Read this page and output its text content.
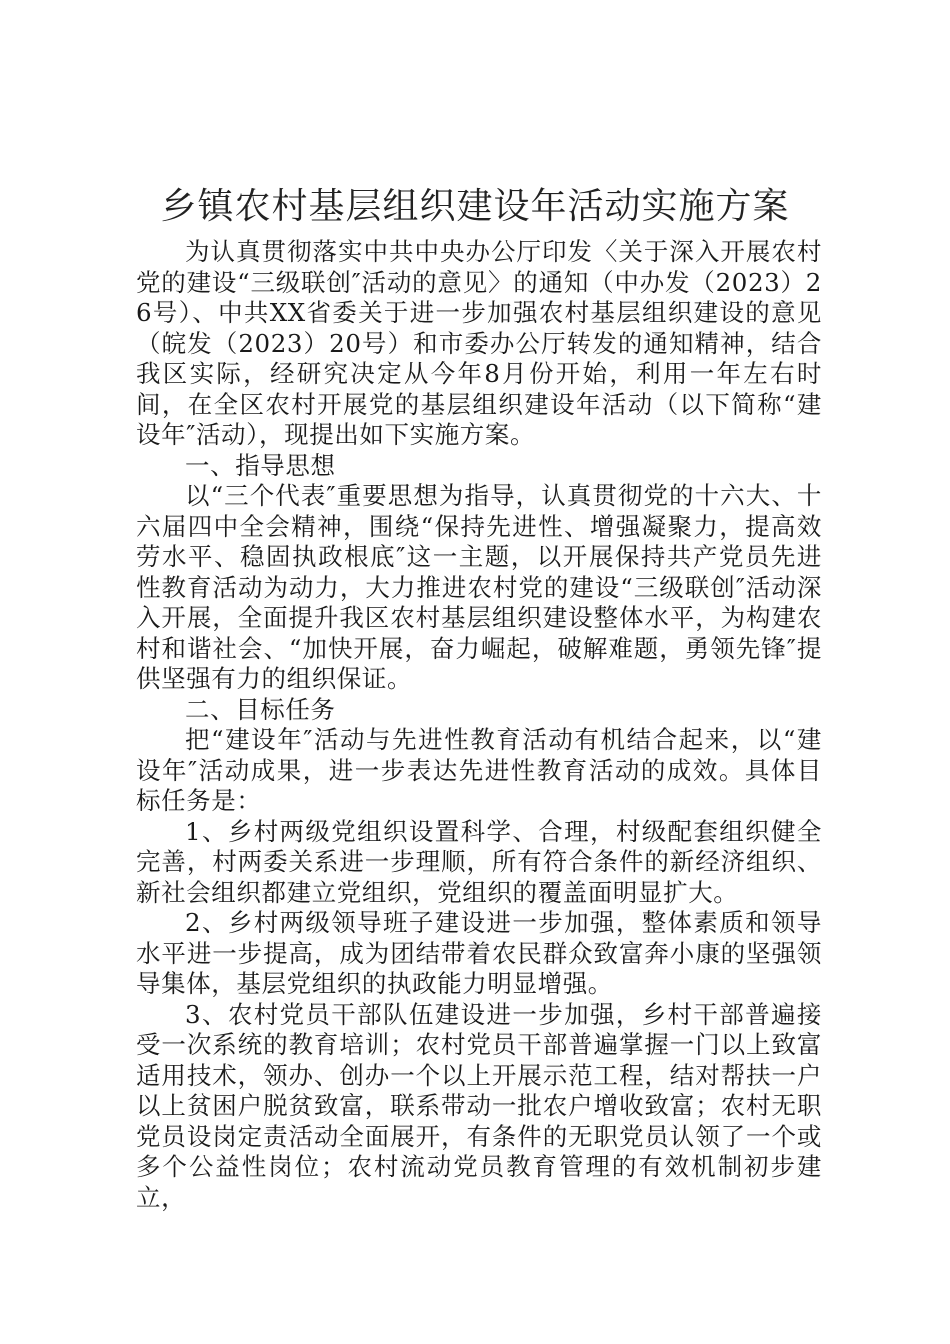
乡镇农村基层组织建设年活动实施方案

为认真贯彻落实中共中央办公厅印发〈关于深入开展农村党的建设“三级联创″活动的意见〉的通知（中办发（2023）26号）、中共XX省委关于进一步加强农村基层组织建设的意见（皖发（2023）20号）和市委办公厅转发的通知精神，结合我区实际，经研究决定从今年8月份开始，利用一年左右时间，在全区农村开展党的基层组织建设年活动（以下简称“建设年″活动），现提出如下实施方案。

一、指导思想

以“三个代表″重要思想为指导，认真贯彻党的十六大、十六届四中全会精神，围绕“保持先进性、增强凝聚力，提高效劳水平、稳固执政根底″这一主题，以开展保持共产党员先进性教育活动为动力，大力推进农村党的建设“三级联创″活动深入开展，全面提升我区农村基层组织建设整体水平，为构建农村和谐社会、“加快开展，奋力崛起，破解难题，勇领先锋″提供坚强有力的组织保证。

二、目标任务

把“建设年″活动与先进性教育活动有机结合起来，以“建设年″活动成果，进一步表达先进性教育活动的成效。具体目标任务是：

1、乡村两级党组织设置科学、合理，村级配套组织健全完善，村两委关系进一步理顺，所有符合条件的新经济组织、新社会组织都建立党组织，党组织的覆盖面明显扩大。

2、乡村两级领导班子建设进一步加强，整体素质和领导水平进一步提高，成为团结带着农民群众致富奔小康的坚强领导集体，基层党组织的执政能力明显增强。

3、农村党员干部队伍建设进一步加强，乡村干部普遍接受一次系统的教育培训；农村党员干部普遍掌握一门以上致富适用技术，领办、创办一个以上开展示范工程，结对帮扶一户以上贫困户脱贫致富，联系带动一批农户增收致富；农村无职党员设岗定责活动全面展开，有条件的无职党员认领了一个或多个公益性岗位；农村流动党员教育管理的有效机制初步建立，
